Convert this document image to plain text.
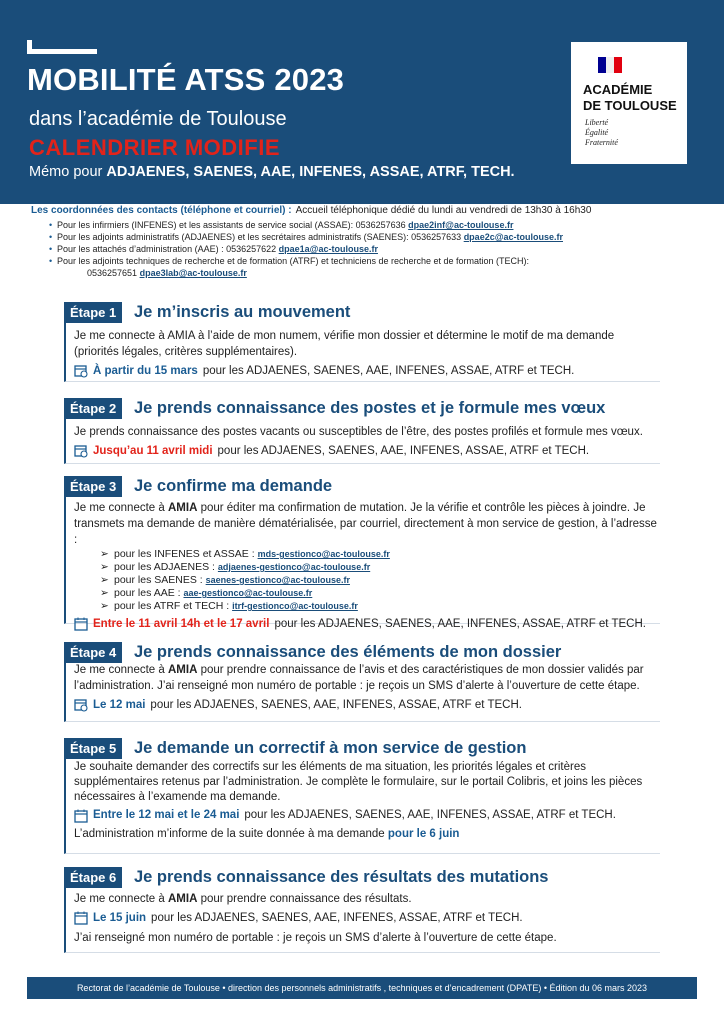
MOBILITÉ ATSS 2023
dans l’académie de Toulouse
CALENDRIER MODIFIE
Mémo pour ADJAENES, SAENES, AAE, INFENES, ASSAE, ATRF, TECH.
ACADÉMIE
DE TOULOUSE
Liberté
Égalité
Fraternité
Les coordonnées des contacts (téléphone et courriel) : Accueil téléphonique dédié du lundi au vendredi de 13h30 à 16h30
• Pour les infirmiers (INFENES) et les assistants de service social (ASSAE): 0536257636 dpae2inf@ac-toulouse.fr
• Pour les adjoints administratifs (ADJAENES) et les secrétaires administratifs (SAENES): 0536257633 dpae2c@ac-toulouse.fr
• Pour les attachés d’administration (AAE) : 0536257622 dpae1a@ac-toulouse.fr
• Pour les adjoints techniques de recherche et de formation (ATRF) et techniciens de recherche et de formation (TECH):
0536257651 dpae3lab@ac-toulouse.fr
Étape 1	Je m’inscris au mouvement
Je me connecte à AMIA à l’aide de mon numem, vérifie mon dossier et détermine le motif de ma demande (priorités légales, critères supplémentaires).
À partir du 15 mars pour les ADJAENES, SAENES, AAE, INFENES, ASSAE, ATRF et TECH.
Étape 2	Je prends connaissance des postes et je formule mes vœux
Je prends connaissance des postes vacants ou susceptibles de l’être, des postes profilés et formule mes vœux.
Jusqu’au 11 avril midi pour les ADJAENES, SAENES, AAE, INFENES, ASSAE, ATRF et TECH.
Étape 3	Je confirme ma demande
Je me connecte à AMIA pour éditer ma confirmation de mutation. Je la vérifie et contrôle les pièces à joindre. Je transmets ma demande de manière dématérialisée, par courriel, directement à mon service de gestion, à l’adresse :
➢ pour les INFENES et ASSAE : mds-gestionco@ac-toulouse.fr
➢ pour les ADJAENES : adjaenes-gestionco@ac-toulouse.fr
➢ pour les SAENES : saenes-gestionco@ac-toulouse.fr
➢ pour les AAE : aae-gestionco@ac-toulouse.fr
➢ pour les ATRF et TECH : itrf-gestionco@ac-toulouse.fr
Entre le 11 avril 14h et le 17 avril pour les ADJAENES, SAENES, AAE, INFENES, ASSAE, ATRF et TECH.
Étape 4	Je prends connaissance des éléments de mon dossier
Je me connecte à AMIA pour prendre connaissance de l’avis et des caractéristiques de mon dossier validés par l’administration. J’ai renseigné mon numéro de portable : je reçois un SMS d’alerte à l’ouverture de cette étape.
Le 12 mai pour les ADJAENES, SAENES, AAE, INFENES, ASSAE, ATRF et TECH.
Étape 5	Je demande un correctif à mon service de gestion
Je souhaite demander des correctifs sur les éléments de ma situation, les priorités légales et critères supplémentaires retenus par l’administration. Je complète le formulaire, sur le portail Colibris, et joins les pièces nécessaires à l’examende ma demande.
Entre le 12 mai et le 24 mai pour les ADJAENES, SAENES, AAE, INFENES, ASSAE, ATRF et TECH.
L’administration m’informe de la suite donnée à ma demande pour le 6 juin
Étape 6	Je prends connaissance des résultats des mutations
Je me connecte à AMIA pour prendre connaissance des résultats.
Le 15 juin pour les ADJAENES, SAENES, AAE, INFENES, ASSAE, ATRF et TECH.
J’ai renseigné mon numéro de portable : je reçois un SMS d’alerte à l’ouverture de cette étape.
Rectorat de l’académie de Toulouse • direction des personnels administratifs , techniques et d’encadrement (DPATE) • Édition du 06 mars 2023
